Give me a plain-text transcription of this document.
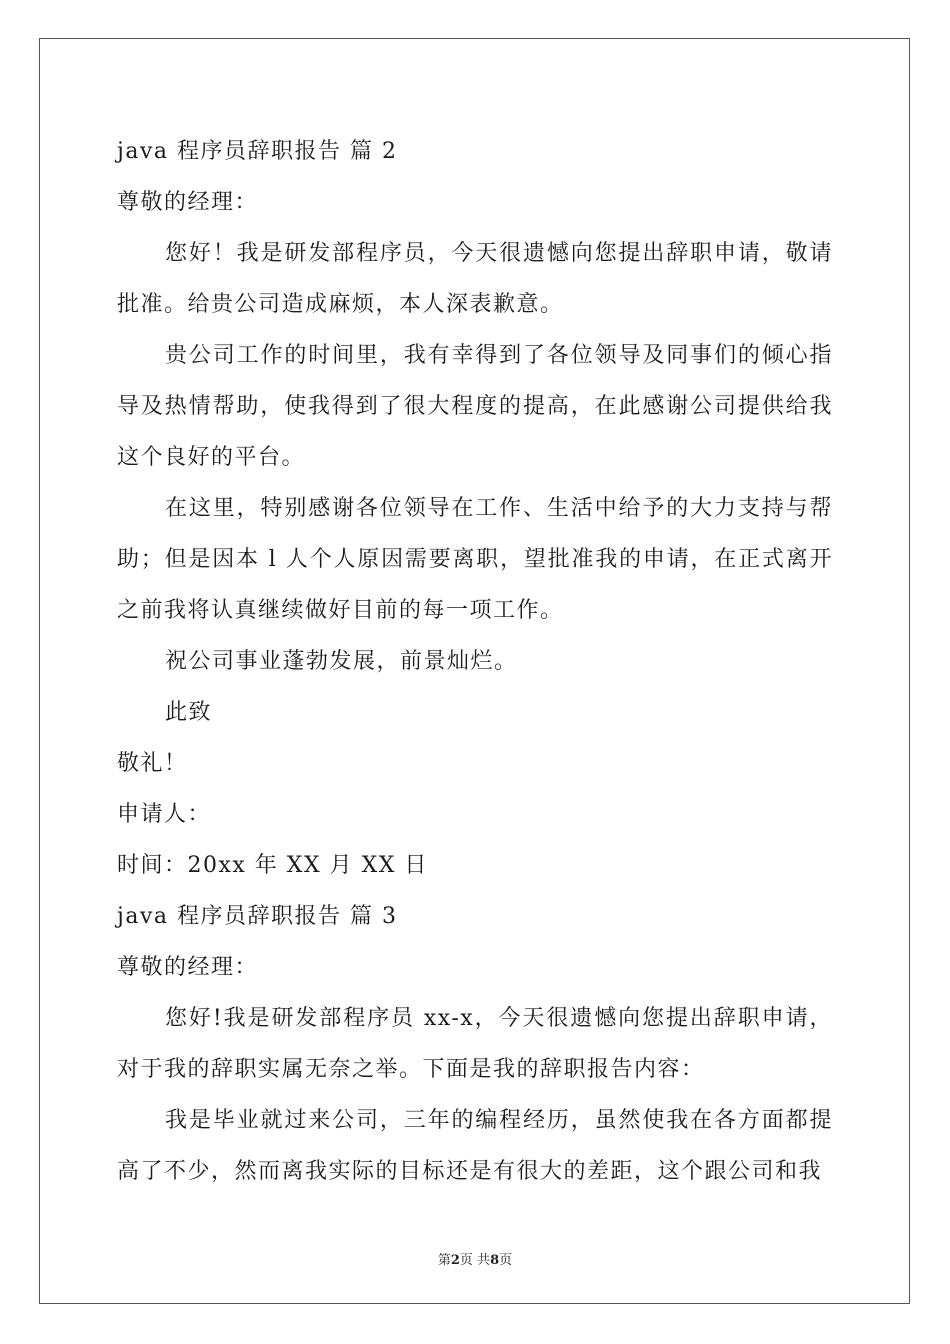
java 程序员辞职报告 篇 2
尊敬的经理：
您好！我是研发部程序员，今天很遗憾向您提出辞职申请，敬请批准。给贵公司造成麻烦，本人深表歉意。
贵公司工作的时间里，我有幸得到了各位领导及同事们的倾心指导及热情帮助，使我得到了很大程度的提高，在此感谢公司提供给我这个良好的平台。
在这里，特别感谢各位领导在工作、生活中给予的大力支持与帮助；但是因本 l 人个人原因需要离职，望批准我的申请，在正式离开之前我将认真继续做好目前的每一项工作。
祝公司事业蓬勃发展，前景灿烂。
此致
敬礼！
申请人：
时间：20xx 年 XX 月 XX 日
java 程序员辞职报告 篇 3
尊敬的经理：
您好!我是研发部程序员 xx-x，今天很遗憾向您提出辞职申请，对于我的辞职实属无奈之举。下面是我的辞职报告内容：
我是毕业就过来公司，三年的编程经历，虽然使我在各方面都提高了不少，然而离我实际的目标还是有很大的差距，这个跟公司和我
第2页 共8页
